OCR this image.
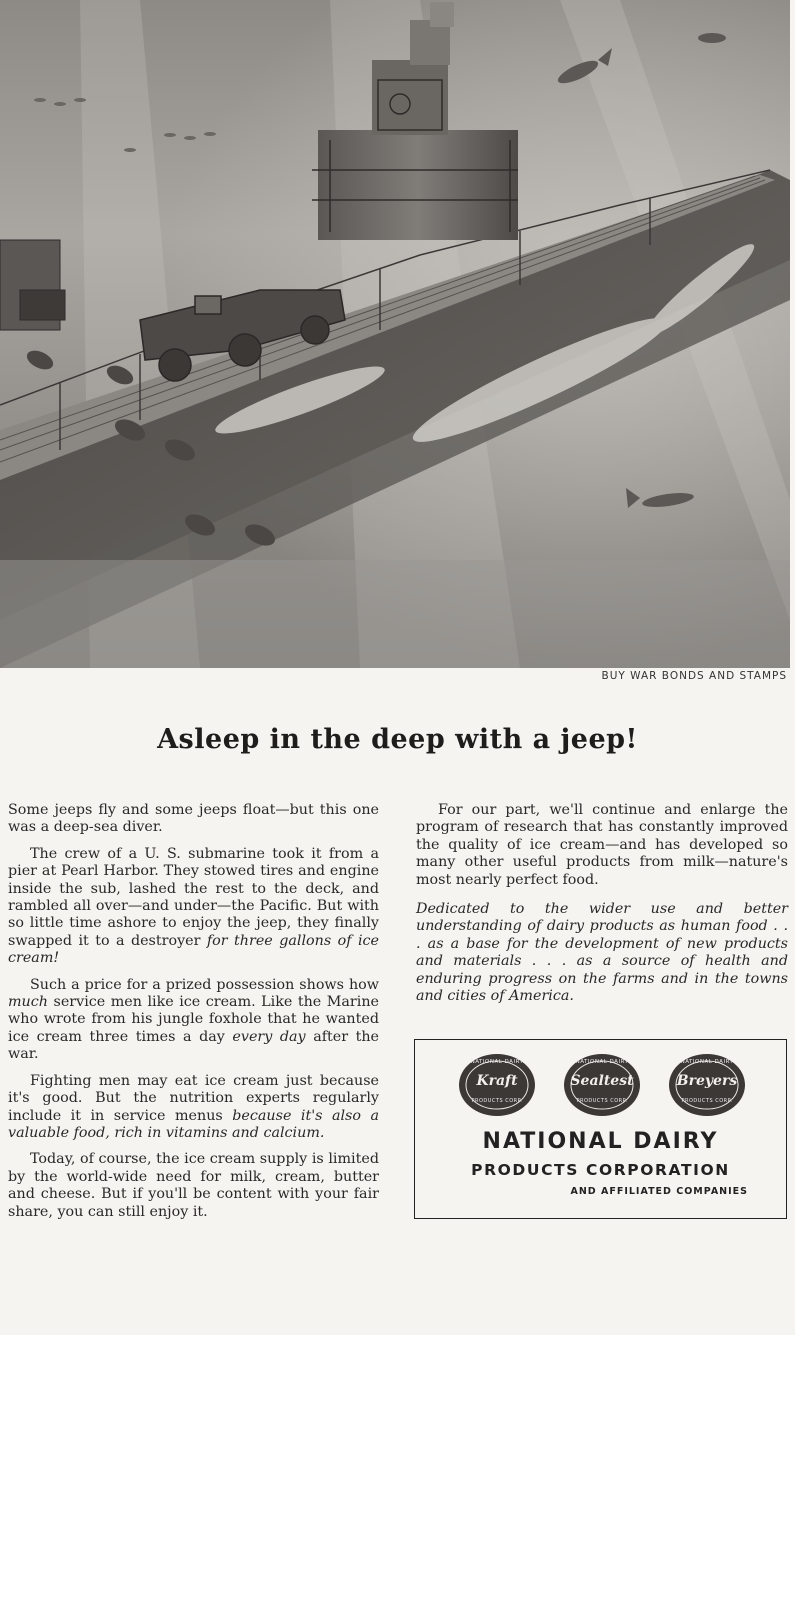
BUY WAR BONDS AND STAMPS
Asleep in the deep with a jeep!

Some jeeps fly and some jeeps float—but this one was a deep-sea diver.

The crew of a U. S. submarine took it from a pier at Pearl Harbor. They stowed tires and engine inside the sub, lashed the rest to the deck, and rambled all over—and under—the Pacific. But with so little time ashore to enjoy the jeep, they finally swapped it to a destroyer for three gallons of ice cream!

Such a price for a prized possession shows how much service men like ice cream. Like the Marine who wrote from his jungle foxhole that he wanted ice cream three times a day every day after the war.

Fighting men may eat ice cream just because it's good. But the nutrition experts regularly include it in service menus because it's also a valuable food, rich in vitamins and calcium.

Today, of course, the ice cream supply is limited by the world-wide need for milk, cream, butter and cheese. But if you'll be content with your fair share, you can still enjoy it.

For our part, we'll continue and enlarge the program of research that has constantly improved the quality of ice cream—and has developed so many other useful products from milk—nature's most nearly perfect food.

Dedicated to the wider use and better understanding of dairy products as human food . . . as a base for the development of new products and materials . . . as a source of health and enduring progress on the farms and in the towns and cities of America.

NATIONAL DAIRY
Kraft
PRODUCTS CORP.
NATIONAL DAIRY
Sealtest
PRODUCTS CORP.
NATIONAL DAIRY
Breyers
PRODUCTS CORP.
NATIONAL DAIRY
PRODUCTS CORPORATION
AND AFFILIATED COMPANIES
